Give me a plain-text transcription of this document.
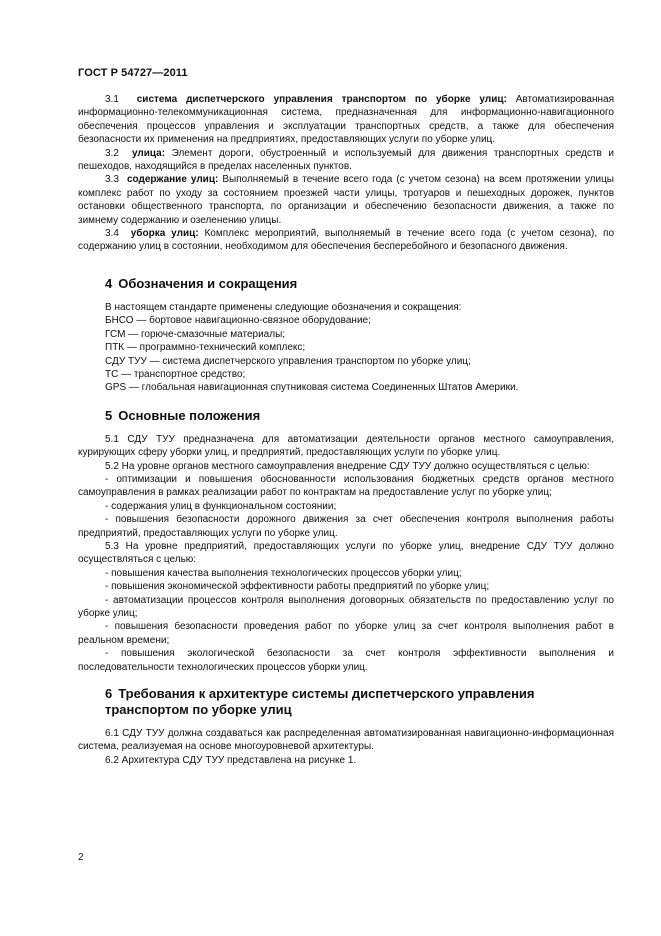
ГОСТ Р 54727—2011

3.1 система диспетчерского управления транспортом по уборке улиц: Автоматизированная информационно-телекоммуникационная система, предназначенная для информационно-навигационного обеспечения процессов управления и эксплуатации транспортных средств, а также для обеспечения безопасности их применения на предприятиях, предоставляющих услуги по уборке улиц.

3.2 улица: Элемент дороги, обустроенный и используемый для движения транспортных средств и пешеходов, находящийся в пределах населенных пунктов.

3.3 содержание улиц: Выполняемый в течение всего года (с учетом сезона) на всем протяжении улицы комплекс работ по уходу за состоянием проезжей части улицы, тротуаров и пешеходных дорожек, пунктов остановки общественного транспорта, по организации и обеспечению безопасности движения, а также по зимнему содержанию и озеленению улицы.

3.4 уборка улиц: Комплекс мероприятий, выполняемый в течение всего года (с учетом сезона), по содержанию улиц в состоянии, необходимом для обеспечения бесперебойного и безопасного движения.

4 Обозначения и сокращения

В настоящем стандарте применены следующие обозначения и сокращения:

БНСО — бортовое навигационно-связное оборудование;

ГСМ — горюче-смазочные материалы;

ПТК — программно-технический комплекс;

СДУ ТУУ — система диспетчерского управления транспортом по уборке улиц;

ТС — транспортное средство;

GPS — глобальная навигационная спутниковая система Соединенных Штатов Америки.

5 Основные положения

5.1 СДУ ТУУ предназначена для автоматизации деятельности органов местного самоуправления, курирующих сферу уборки улиц, и предприятий, предоставляющих услуги по уборке улиц.

5.2 На уровне органов местного самоуправления внедрение СДУ ТУУ должно осуществляться с целью:

- оптимизации и повышения обоснованности использования бюджетных средств органов местного самоуправления в рамках реализации работ по контрактам на предоставление услуг по уборке улиц;

- содержания улиц в функциональном состоянии;

- повышения безопасности дорожного движения за счет обеспечения контроля выполнения работы предприятий, предоставляющих услуги по уборке улиц.

5.3 На уровне предприятий, предоставляющих услуги по уборке улиц, внедрение СДУ ТУУ должно осуществляться с целью:

- повышения качества выполнения технологических процессов уборки улиц;

- повышения экономической эффективности работы предприятий по уборке улиц;

- автоматизации процессов контроля выполнения договорных обязательств по предоставлению услуг по уборке улиц;

- повышения безопасности проведения работ по уборке улиц за счет контроля выполнения работ в реальном времени;

- повышения экологической безопасности за счет контроля эффективности выполнения и последовательности технологических процессов уборки улиц.

6 Требования к архитектуре системы диспетчерского управления транспортом по уборке улиц

6.1 СДУ ТУУ должна создаваться как распределенная автоматизированная навигационно-информационная система, реализуемая на основе многоуровневой архитектуры.

6.2 Архитектура СДУ ТУУ представлена на рисунке 1.

2
